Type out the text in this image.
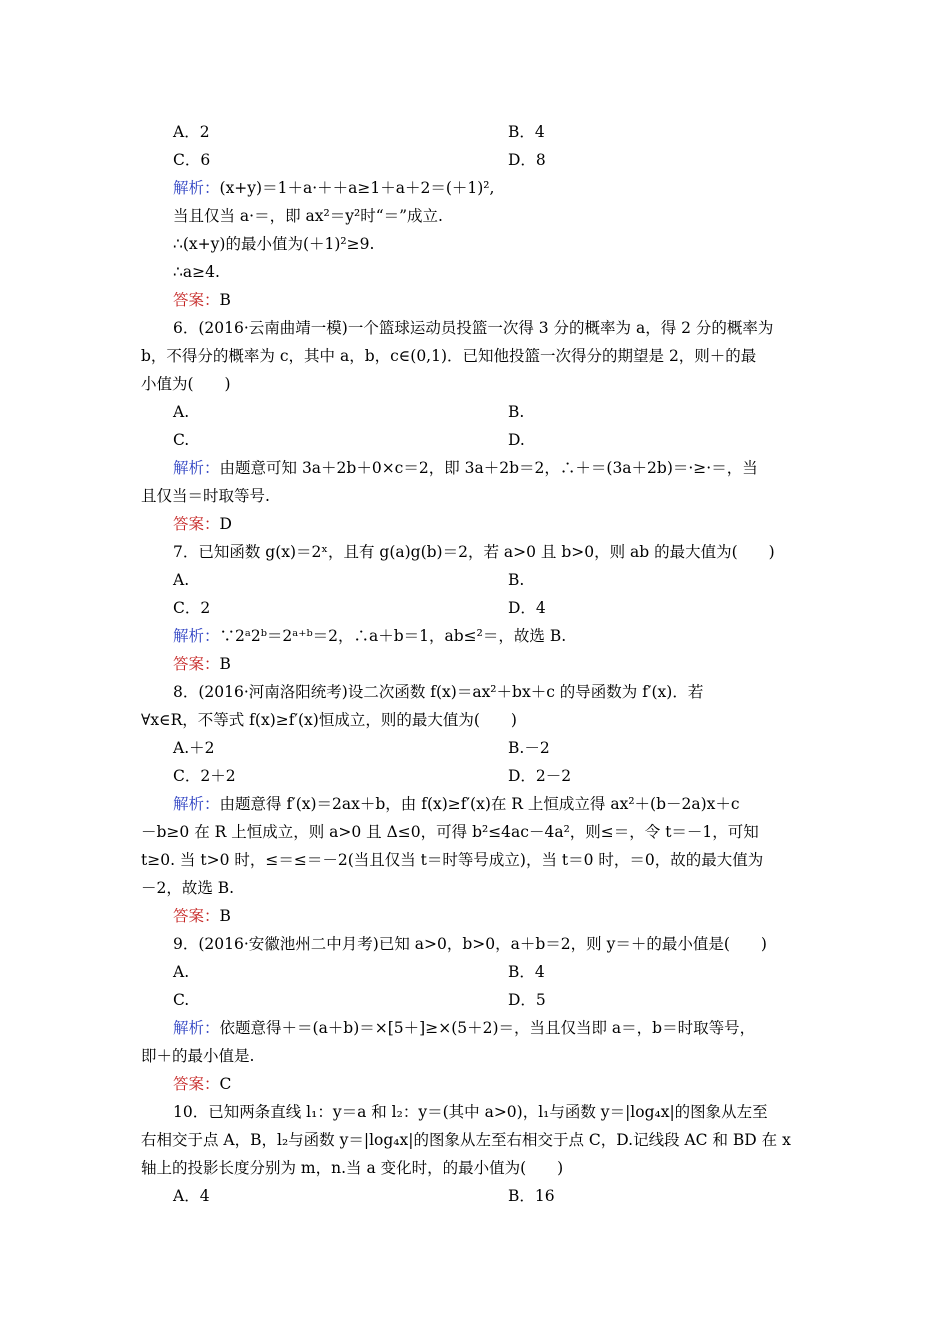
A．2	B．4
C．6	D．8
解析：(x+y)＝1＋a·＋＋a≥1＋a＋2＝(＋1)²,
当且仅当 a·＝，即 ax²＝y²时“＝”成立.
∴(x+y)的最小值为(＋1)²≥9.
∴a≥4.
答案：B
6．(2016·云南曲靖一模)一个篮球运动员投篮一次得 3 分的概率为 a，得 2 分的概率为
b，不得分的概率为 c，其中 a，b，c∈(0,1)．已知他投篮一次得分的期望是 2，则＋的最
小值为(　　)
A.	B.
C.	D.
解析：由题意可知 3a＋2b＋0×c＝2，即 3a＋2b＝2，∴＋＝(3a＋2b)＝·≥·＝，当
且仅当＝时取等号.
答案：D
7．已知函数 g(x)＝2ˣ，且有 g(a)g(b)＝2，若 a>0 且 b>0，则 ab 的最大值为(　　)
A.	B.
C．2	D．4
解析：∵2ᵃ2ᵇ＝2ᵃ⁺ᵇ＝2，∴a＋b＝1，ab≤²＝，故选 B.
答案：B
8．(2016·河南洛阳统考)设二次函数 f(x)＝ax²＋bx＋c 的导函数为 f′(x)．若
∀x∈R，不等式 f(x)≥f′(x)恒成立，则的最大值为(　　)
A.＋2	B.－2
C．2＋2	D．2－2
解析：由题意得 f′(x)＝2ax＋b，由 f(x)≥f′(x)在 R 上恒成立得 ax²＋(b－2a)x＋c
－b≥0 在 R 上恒成立，则 a>0 且 Δ≤0，可得 b²≤4ac－4a²，则≤＝，令 t＝－1，可知
t≥0. 当 t>0 时，≤＝≤＝－2(当且仅当 t＝时等号成立)，当 t＝0 时，＝0，故的最大值为
－2，故选 B.
答案：B
9．(2016·安徽池州二中月考)已知 a>0，b>0，a＋b＝2，则 y＝＋的最小值是(　　)
A.	B．4
C.	D．5
解析：依题意得＋＝(a＋b)＝×[5＋]≥×(5＋2)＝，当且仅当即 a＝，b＝时取等号，
即＋的最小值是.
答案：C
10．已知两条直线 l₁：y＝a 和 l₂：y＝(其中 a>0)，l₁与函数 y＝|log₄x|的图象从左至
右相交于点 A，B，l₂与函数 y＝|log₄x|的图象从左至右相交于点 C，D.记线段 AC 和 BD 在 x
轴上的投影长度分别为 m，n.当 a 变化时，的最小值为(　　)
A．4	B．16
